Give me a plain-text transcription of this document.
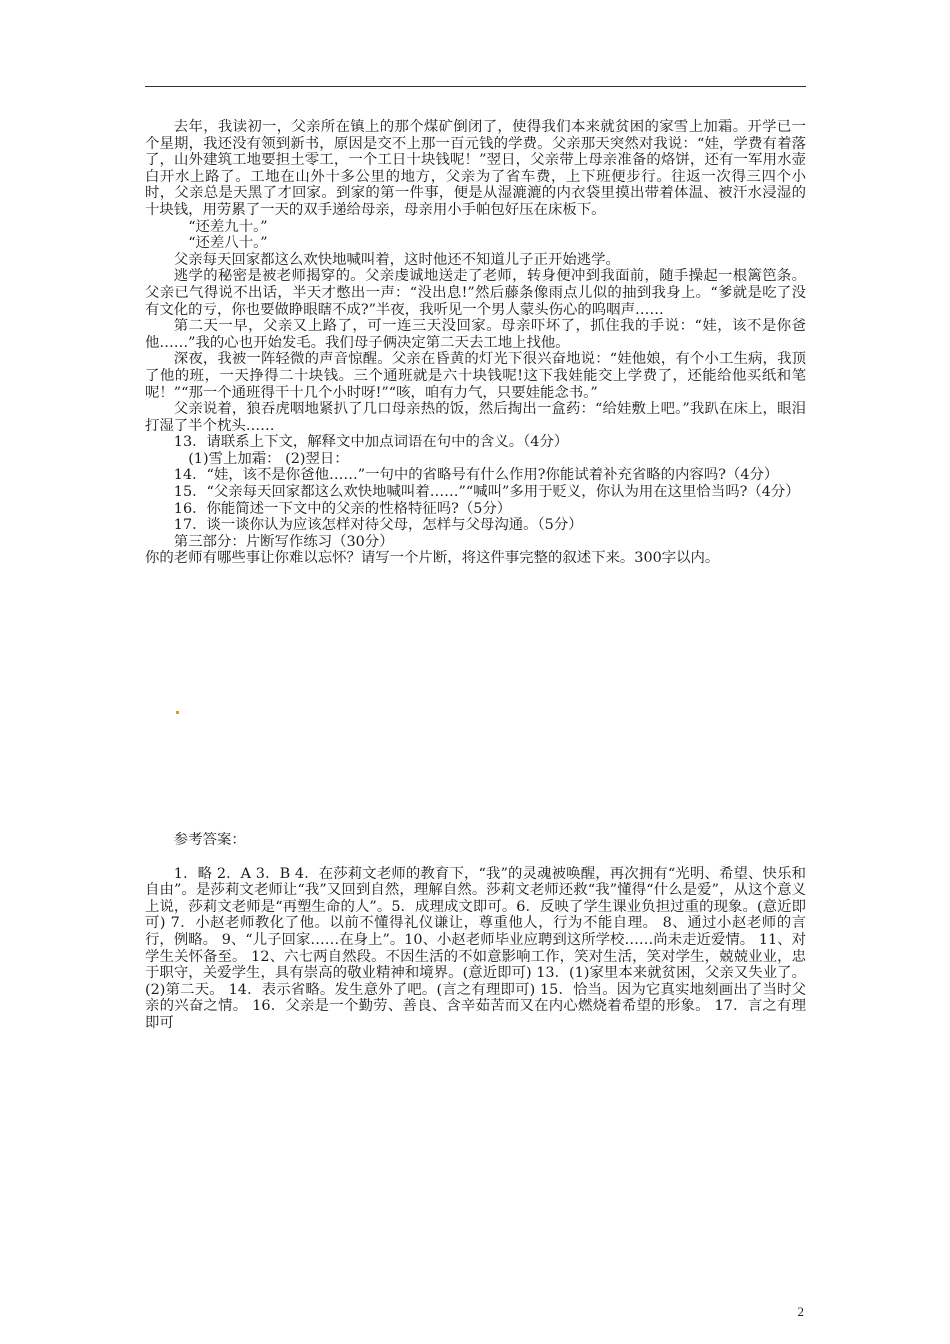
去年，我读初一，父亲所在镇上的那个煤矿倒闭了，使得我们本来就贫困的家雪上加霜。开学已一个星期，我还没有领到新书，原因是交不上那一百元钱的学费。父亲那天突然对我说：“娃，学费有着落了，山外建筑工地要担土零工，一个工日十块钱呢！”翌日，父亲带上母亲准备的烙饼，还有一军用水壶白开水上路了。工地在山外十多公里的地方，父亲为了省车费，上下班便步行。往返一次得三四个小时，父亲总是天黑了才回家。到家的第一件事，便是从湿漉漉的内衣袋里摸出带着体温、被汗水浸湿的十块钱，用劳累了一天的双手递给母亲，母亲用小手帕包好压在床板下。

“还差九十。”

“还差八十。”

父亲每天回家都这么欢快地喊叫着，这时他还不知道儿子正开始逃学。

逃学的秘密是被老师揭穿的。父亲虔诚地送走了老师，转身便冲到我面前，随手操起一根篱笆条。父亲已气得说不出话，半天才憋出一声：“没出息!”然后藤条像雨点儿似的抽到我身上。“爹就是吃了没有文化的亏，你也要做睁眼瞎不成?”半夜，我听见一个男人蒙头伤心的呜咽声……

第二天一早，父亲又上路了，可一连三天没回家。母亲吓坏了，抓住我的手说：“娃，该不是你爸他……”我的心也开始发毛。我们母子俩决定第二天去工地上找他。

深夜，我被一阵轻微的声音惊醒。父亲在昏黄的灯光下很兴奋地说：“娃他娘，有个小工生病，我顶了他的班，一天挣得二十块钱。三个通班就是六十块钱呢!这下我娃能交上学费了，还能给他买纸和笔呢！”“那一个通班得干十几个小时呀!”“咳，咱有力气，只要娃能念书。”

父亲说着，狼吞虎咽地紧扒了几口母亲热的饭，然后掏出一盒药：“给娃敷上吧。”我趴在床上，眼泪打湿了半个枕头……

13．请联系上下文，解释文中加点词语在句中的含义。（4分）

(1)雪上加霜： (2)翌日：

14．“娃，该不是你爸他……”一句中的省略号有什么作用?你能试着补充省略的内容吗?（4分）

15．“父亲每天回家都这么欢快地喊叫着……”“喊叫”多用于贬义，你认为用在这里恰当吗?（4分）

16．你能简述一下文中的父亲的性格特征吗?（5分）

17．谈一谈你认为应该怎样对待父母，怎样与父母沟通。（5分）

第三部分：片断写作练习（30分）

你的老师有哪些事让你难以忘怀？请写一个片断，将这件事完整的叙述下来。300字以内。

参考答案：

1．略 2．A 3．B 4．在莎莉文老师的教育下，“我”的灵魂被唤醒，再次拥有“光明、希望、快乐和自由”。是莎莉文老师让“我”又回到自然，理解自然。莎莉文老师还救“我”懂得“什么是爱”，从这个意义上说，莎莉文老师是“再塑生命的人”。5．成理成文即可。6．反映了学生课业负担过重的现象。(意近即可) 7．小赵老师教化了他。以前不懂得礼仪谦让，尊重他人，行为不能自理。 8、通过小赵老师的言行，例略。 9、“儿子回家……在身上”。10、小赵老师毕业应聘到这所学校……尚未走近爱情。 11、对学生关怀备至。 12、六七两自然段。不因生活的不如意影响工作，笑对生活，笑对学生，兢兢业业，忠于职守，关爱学生，具有崇高的敬业精神和境界。(意近即可) 13．(1)家里本来就贫困，父亲又失业了。(2)第二天。 14．表示省略。发生意外了吧。(言之有理即可) 15．恰当。因为它真实地刻画出了当时父亲的兴奋之情。 16．父亲是一个勤劳、善良、含辛茹苦而又在内心燃烧着希望的形象。 17．言之有理即可

2
